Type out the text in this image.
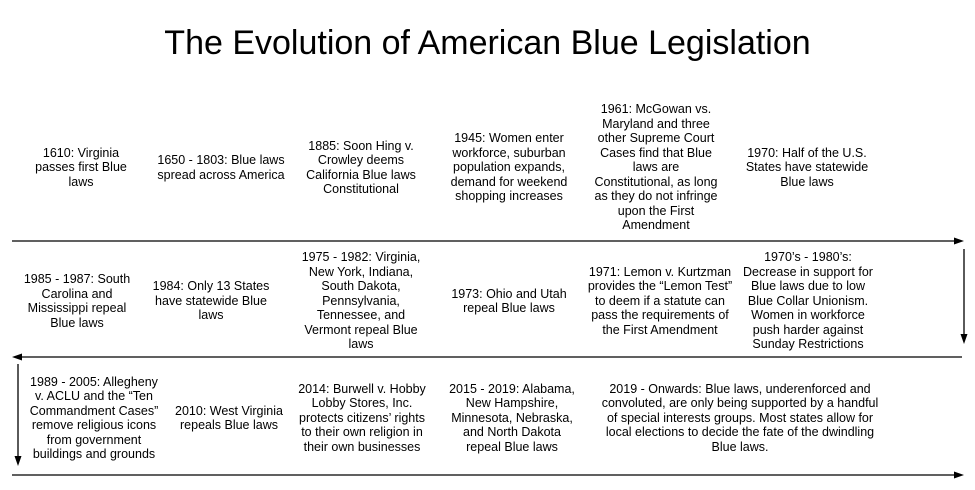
The Evolution of American Blue Legislation
1610: Virginia passes first Blue laws
1650 - 1803: Blue laws spread across America
1885: Soon Hing v. Crowley deems California Blue laws Constitutional
1945: Women enter workforce, suburban population expands, demand for weekend shopping increases
1961: McGowan vs. Maryland and three other Supreme Court Cases find that Blue laws are Constitutional, as long as they do not infringe upon the First Amendment
1970: Half of the U.S. States have statewide Blue laws
1985 - 1987: South Carolina and Mississippi repeal Blue laws
1984: Only 13 States have statewide Blue laws
1975 - 1982: Virginia, New York, Indiana, South Dakota, Pennsylvania, Tennessee, and Vermont repeal Blue laws
1973: Ohio and Utah repeal Blue laws
1971: Lemon v. Kurtzman provides the “Lemon Test” to deem if a statute can pass the requirements of the First Amendment
1970’s - 1980’s: Decrease in support for Blue laws due to low Blue Collar Unionism. Women in workforce push harder against Sunday Restrictions
1989 - 2005: Allegheny v. ACLU and the “Ten Commandment Cases” remove religious icons from government buildings and grounds
2010: West Virginia repeals Blue laws
2014: Burwell v. Hobby Lobby Stores, Inc. protects citizens’ rights to their own religion in their own businesses
2015 - 2019: Alabama, New Hampshire, Minnesota, Nebraska, and North Dakota repeal Blue laws
2019 - Onwards: Blue laws, underenforced and convoluted, are only being supported by a handful of special interests groups. Most states allow for local elections to decide the fate of the dwindling Blue laws.
